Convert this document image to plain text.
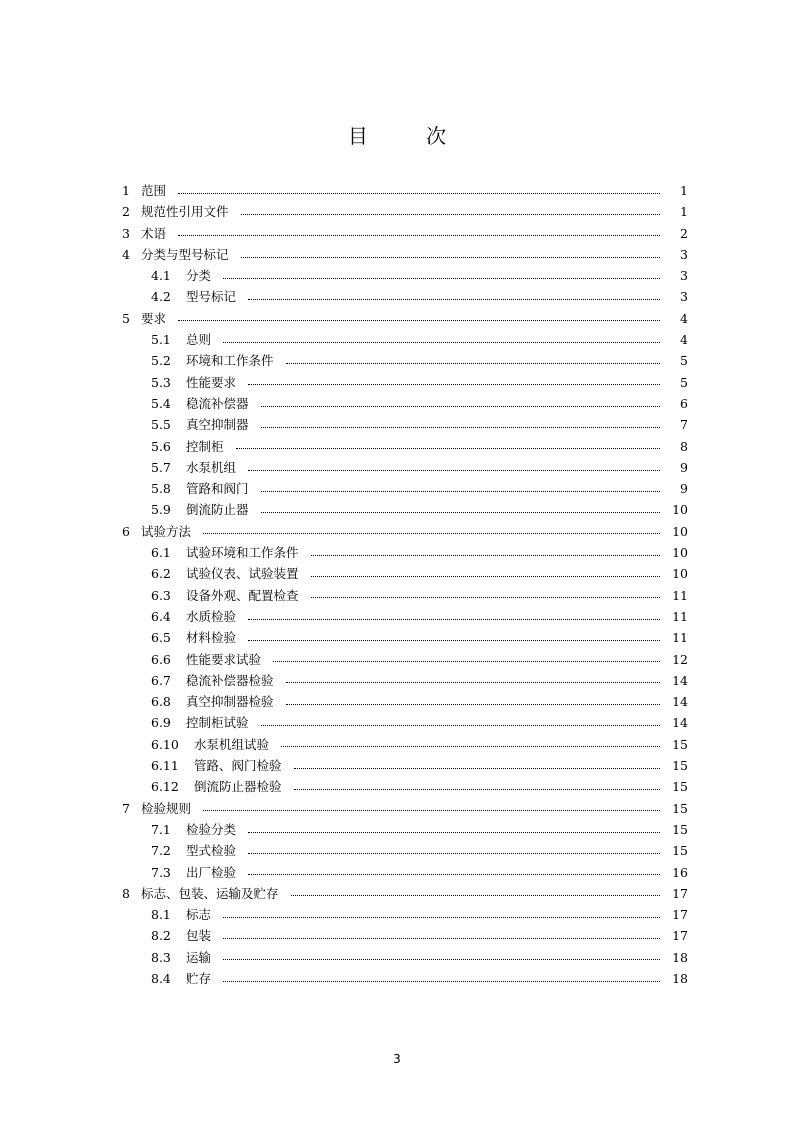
目 次
1 范围	1
2 规范性引用文件	1
3 术语	2
4 分类与型号标记	3
4.1	分类	3
4.2	型号标记	3
5 要求	4
5.1	总则	4
5.2	环境和工作条件	5
5.3	性能要求	5
5.4	稳流补偿器	6
5.5	真空抑制器	7
5.6	控制柜	8
5.7	水泵机组	9
5.8	管路和阀门	9
5.9	倒流防止器	10
6 试验方法	10
6.1	试验环境和工作条件	10
6.2	试验仪表、试验装置	10
6.3	设备外观、配置检查	11
6.4	水质检验	11
6.5	材料检验	11
6.6	性能要求试验	12
6.7	稳流补偿器检验	14
6.8	真空抑制器检验	14
6.9	控制柜试验	14
6.10	水泵机组试验	15
6.11	管路、阀门检验	15
6.12	倒流防止器检验	15
7 检验规则	15
7.1	检验分类	15
7.2	型式检验	15
7.3	出厂检验	16
8 标志、包装、运输及贮存	17
8.1	标志	17
8.2	包装	17
8.3	运输	18
8.4	贮存	18
3
